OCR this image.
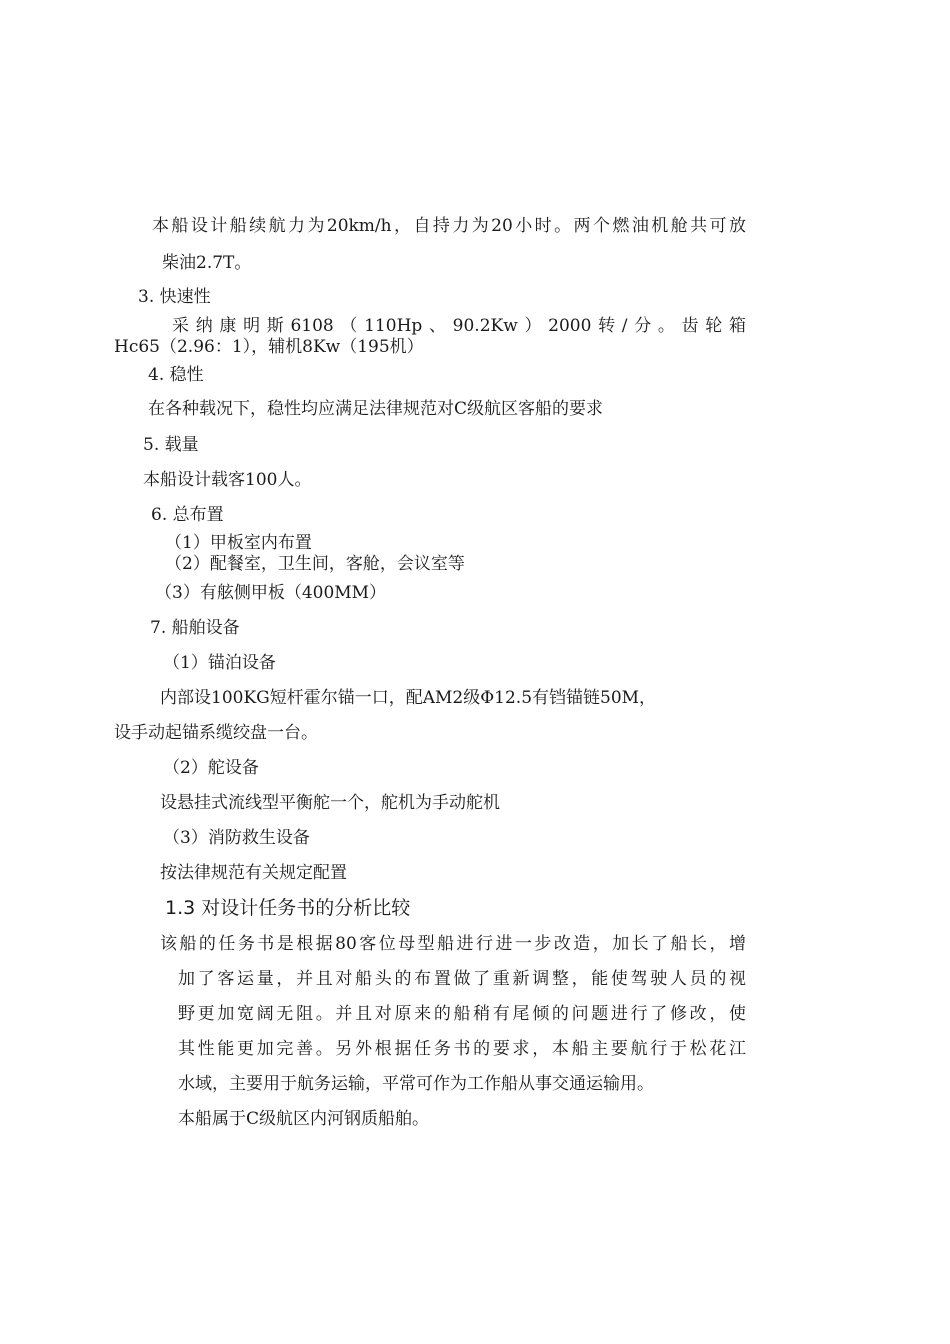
本船设计船续航力为20km/h，自持力为20小时。两个燃油机舱共可放
柴油2.7T。
3. 快速性
采纳康明斯6108（110Hp、90.2Kw）2000转/分。齿轮箱
Hc65（2.96：1），辅机8Kw（195机）
4. 稳性
在各种载况下，稳性均应满足法律规范对C级航区客船的要求
5. 载量
本船设计载客100人。
6. 总布置
（1）甲板室内布置
（2）配餐室，卫生间，客舱，会议室等
（3）有舷侧甲板（400MM）
7. 船舶设备
（1）锚泊设备
内部设100KG短杆霍尔锚一口，配AM2级Φ12.5有铛锚链50M，
设手动起锚系缆绞盘一台。
（2）舵设备
设悬挂式流线型平衡舵一个，舵机为手动舵机
（3）消防救生设备
按法律规范有关规定配置
1.3 对设计任务书的分析比较
该船的任务书是根据80客位母型船进行进一步改造，加长了船长，增
加了客运量，并且对船头的布置做了重新调整，能使驾驶人员的视
野更加宽阔无阻。并且对原来的船稍有尾倾的问题进行了修改，使
其性能更加完善。另外根据任务书的要求，本船主要航行于松花江
水域，主要用于航务运输，平常可作为工作船从事交通运输用。
本船属于C级航区内河钢质船舶。
